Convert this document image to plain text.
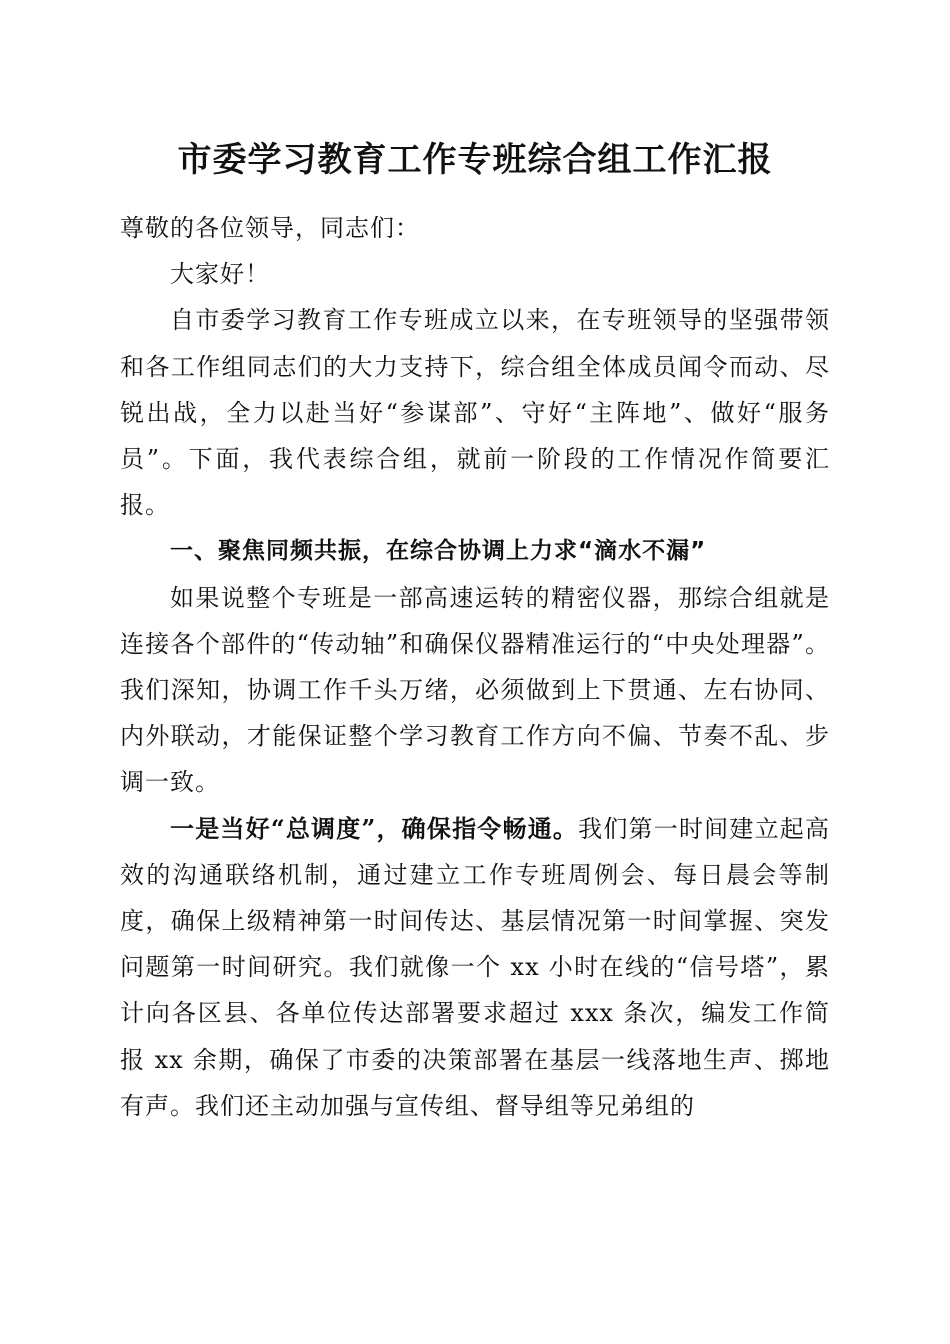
市委学习教育工作专班综合组工作汇报

尊敬的各位领导，同志们：

大家好！

自市委学习教育工作专班成立以来，在专班领导的坚强带领和各工作组同志们的大力支持下，综合组全体成员闻令而动、尽锐出战，全力以赴当好“参谋部”、守好“主阵地”、做好“服务员”。下面，我代表综合组，就前一阶段的工作情况作简要汇报。

一、聚焦同频共振，在综合协调上力求“滴水不漏”

如果说整个专班是一部高速运转的精密仪器，那综合组就是连接各个部件的“传动轴”和确保仪器精准运行的“中央处理器”。我们深知，协调工作千头万绪，必须做到上下贯通、左右协同、内外联动，才能保证整个学习教育工作方向不偏、节奏不乱、步调一致。

一是当好“总调度”，确保指令畅通。我们第一时间建立起高效的沟通联络机制，通过建立工作专班周例会、每日晨会等制度，确保上级精神第一时间传达、基层情况第一时间掌握、突发问题第一时间研究。我们就像一个 xx 小时在线的“信号塔”，累计向各区县、各单位传达部署要求超过 xxx 条次，编发工作简报 xx 余期，确保了市委的决策部署在基层一线落地生声、掷地有声。我们还主动加强与宣传组、督导组等兄弟组的
